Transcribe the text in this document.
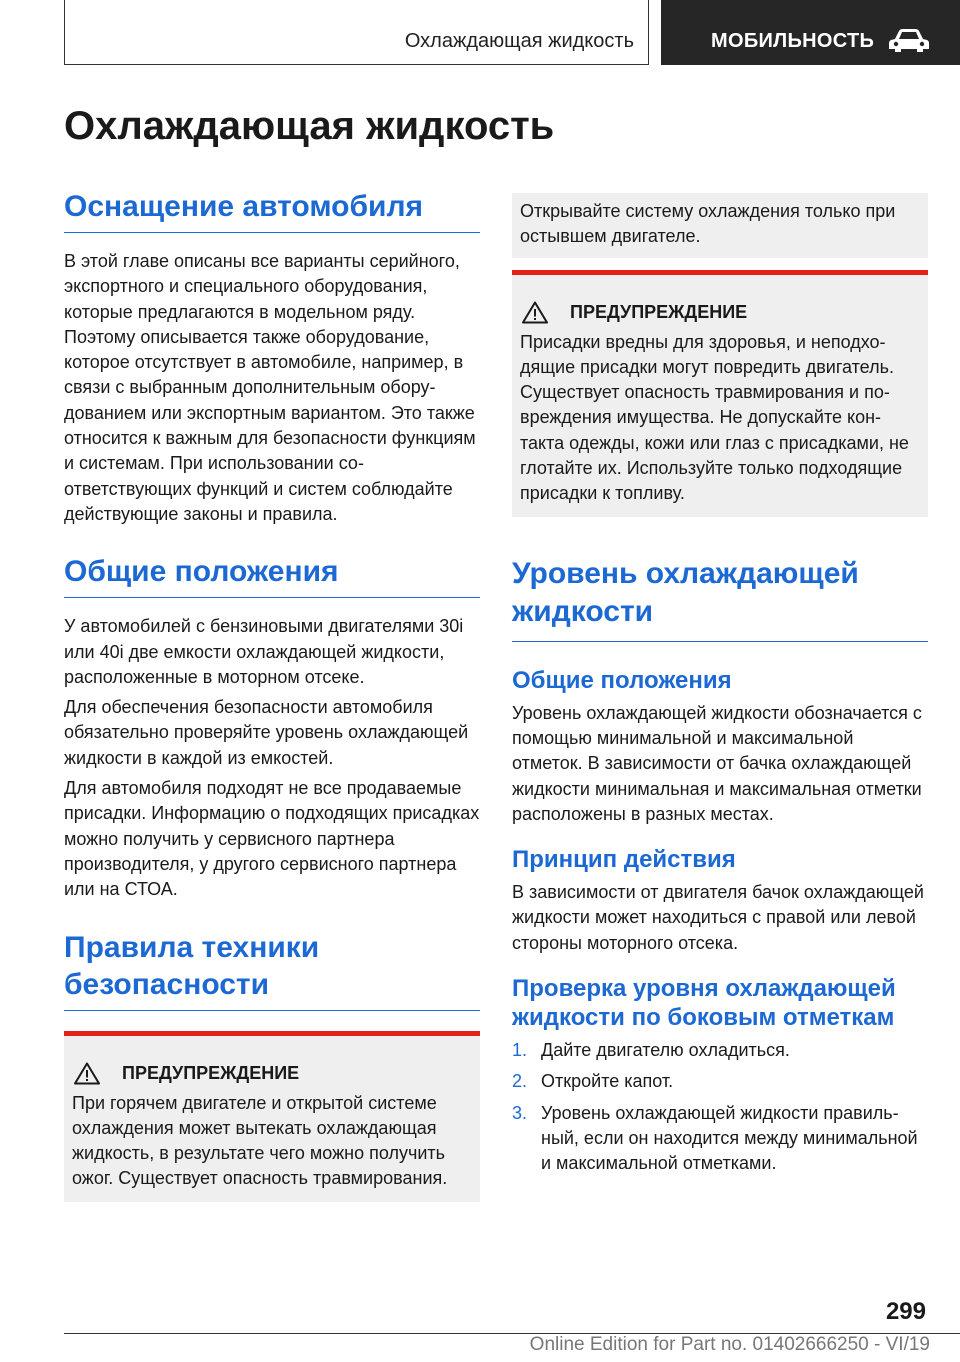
Охлаждающая жидкость	МОБИЛЬНОСТЬ
Охлаждающая жидкость
Оснащение автомобиля
В этой главе описаны все варианты серийного, экспортного и специального оборудования, которые предлагаются в модельном ряду. Поэтому описывается также оборудование, которое отсутствует в автомобиле, например, в связи с выбранным дополнительным оборудованием или экспортным вариантом. Это также относится к важным для безопасности функциям и системам. При использовании соответствующих функций и систем соблюдайте действующие законы и правила.
Общие положения
У автомобилей с бензиновыми двигателями 30i или 40i две емкости охлаждающей жидкости, расположенные в моторном отсеке.
Для обеспечения безопасности автомобиля обязательно проверяйте уровень охлаждающей жидкости в каждой из емкостей.
Для автомобиля подходят не все продаваемые присадки. Информацию о подходящих присадках можно получить у сервисного партнера производителя, у другого сервисного партнера или на СТОА.
Правила техники безопасности
ПРЕДУПРЕЖДЕНИЕ
При горячем двигателе и открытой системе охлаждения может вытекать охлаждающая жидкость, в результате чего можно получить ожог. Существует опасность травмирования.
Открывайте систему охлаждения только при остывшем двигателе.
ПРЕДУПРЕЖДЕНИЕ
Присадки вредны для здоровья, и неподходящие присадки могут повредить двигатель. Существует опасность травмирования и повреждения имущества. Не допускайте контакта одежды, кожи или глаз с присадками, не глотайте их. Используйте только подходящие присадки к топливу.
Уровень охлаждающей жидкости
Общие положения
Уровень охлаждающей жидкости обозначается с помощью минимальной и максимальной отметок. В зависимости от бачка охлаждающей жидкости минимальная и максимальная отметки расположены в разных местах.
Принцип действия
В зависимости от двигателя бачок охлаждающей жидкости может находиться с правой или левой стороны моторного отсека.
Проверка уровня охлаждающей жидкости по боковым отметкам
1. Дайте двигателю охладиться.
2. Откройте капот.
3. Уровень охлаждающей жидкости правильный, если он находится между минимальной и максимальной отметками.
299
Online Edition for Part no. 01402666250 - VI/19
